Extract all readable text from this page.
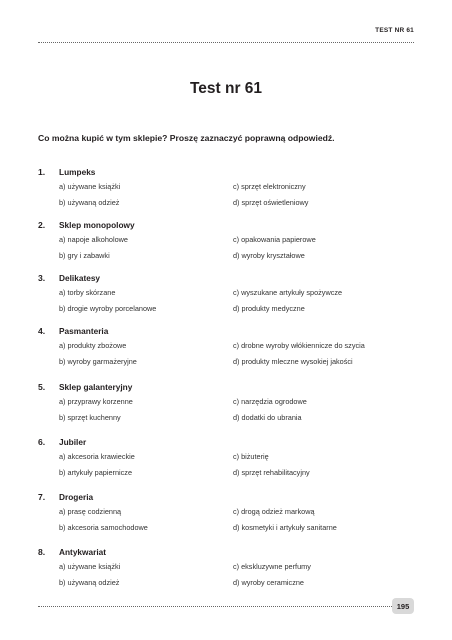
TEST NR 61
Test nr 61
Co można kupić w tym sklepie? Proszę zaznaczyć poprawną odpowiedź.
1. Lumpeks
a) używane książki
b) używaną odzież
c) sprzęt elektroniczny
d) sprzęt oświetleniowy
2. Sklep monopolowy
a) napoje alkoholowe
b) gry i zabawki
c) opakowania papierowe
d) wyroby kryształowe
3. Delikatesy
a) torby skórzane
b) drogie wyroby porcelanowe
c) wyszukane artykuły spożywcze
d) produkty medyczne
4. Pasmanteria
a) produkty zbożowe
b) wyroby garmażeryjne
c) drobne wyroby włókiennicze do szycia
d) produkty mleczne wysokiej jakości
5. Sklep galanteryjny
a) przyprawy korzenne
b) sprzęt kuchenny
c) narzędzia ogrodowe
d) dodatki do ubrania
6. Jubiler
a) akcesoria krawieckie
b) artykuły papiernicze
c) biżuterię
d) sprzęt rehabilitacyjny
7. Drogeria
a) prasę codzienną
b) akcesoria samochodowe
c) drogą odzież markową
d) kosmetyki i artykuły sanitarne
8. Antykwariat
a) używane książki
b) używaną odzież
c) ekskluzywne perfumy
d) wyroby ceramiczne
195
